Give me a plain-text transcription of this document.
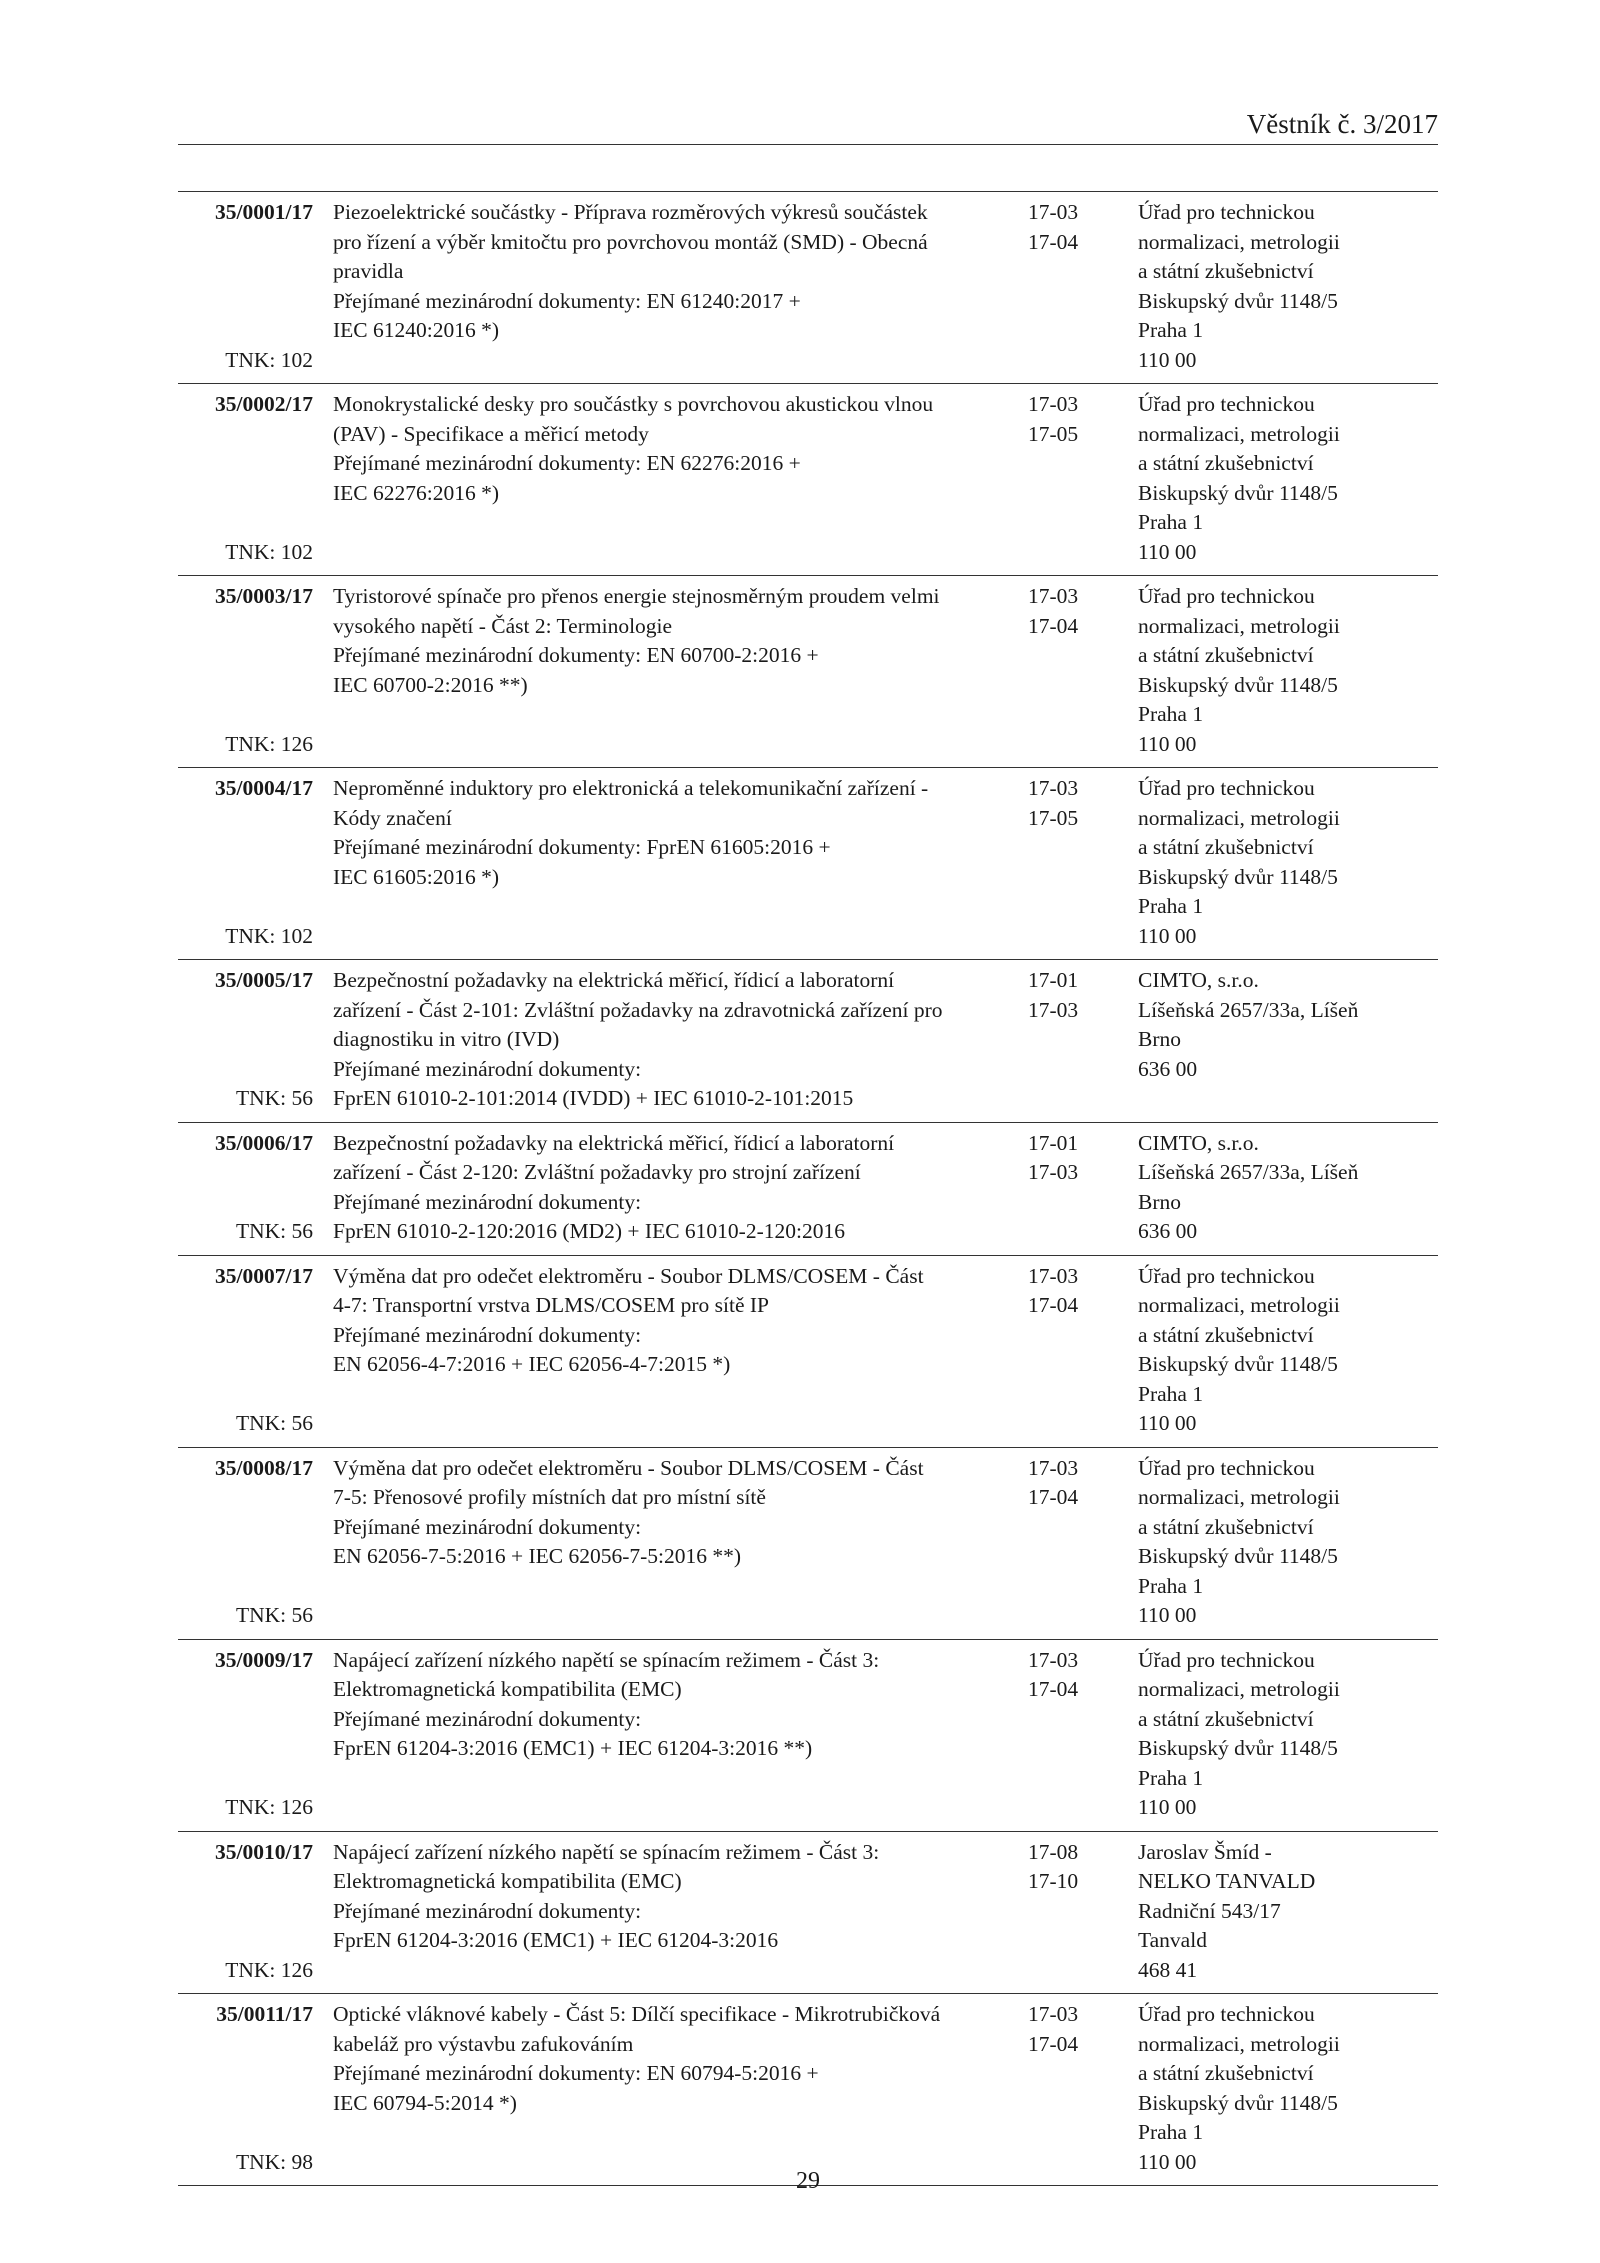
Věstník č. 3/2017
35/0001/17
TNK: 102
Piezoelektrické součástky - Příprava rozměrových výkresů součástek
pro řízení a výběr kmitočtu pro povrchovou montáž (SMD) - Obecná
pravidla
Přejímané mezinárodní dokumenty: EN 61240:2017 +
IEC 61240:2016 *)
17-03
17-04
Úřad pro technickou
normalizaci, metrologii
a státní zkušebnictví
Biskupský dvůr 1148/5
Praha 1
110 00
35/0002/17
TNK: 102
Monokrystalické desky pro součástky s povrchovou akustickou vlnou
(PAV) - Specifikace a měřicí metody
Přejímané mezinárodní dokumenty: EN 62276:2016 +
IEC 62276:2016 *)
17-03
17-05
Úřad pro technickou
normalizaci, metrologii
a státní zkušebnictví
Biskupský dvůr 1148/5
Praha 1
110 00
35/0003/17
TNK: 126
Tyristorové spínače pro přenos energie stejnosměrným proudem velmi
vysokého napětí - Část 2: Terminologie
Přejímané mezinárodní dokumenty: EN 60700-2:2016 +
IEC 60700-2:2016 **)
17-03
17-04
Úřad pro technickou
normalizaci, metrologii
a státní zkušebnictví
Biskupský dvůr 1148/5
Praha 1
110 00
35/0004/17
TNK: 102
Neproměnné induktory pro elektronická a telekomunikační zařízení -
Kódy značení
Přejímané mezinárodní dokumenty: FprEN 61605:2016 +
IEC 61605:2016 *)
17-03
17-05
Úřad pro technickou
normalizaci, metrologii
a státní zkušebnictví
Biskupský dvůr 1148/5
Praha 1
110 00
35/0005/17
TNK: 56
Bezpečnostní požadavky na elektrická měřicí, řídicí a laboratorní
zařízení - Část 2-101: Zvláštní požadavky na zdravotnická zařízení pro
diagnostiku in vitro (IVD)
Přejímané mezinárodní dokumenty:
FprEN 61010-2-101:2014 (IVDD) + IEC 61010-2-101:2015
17-01
17-03
CIMTO, s.r.o.
Líšeňská 2657/33a, Líšeň
Brno
636 00
35/0006/17
TNK: 56
Bezpečnostní požadavky na elektrická měřicí, řídicí a laboratorní
zařízení - Část 2-120: Zvláštní požadavky pro strojní zařízení
Přejímané mezinárodní dokumenty:
FprEN 61010-2-120:2016 (MD2) + IEC 61010-2-120:2016
17-01
17-03
CIMTO, s.r.o.
Líšeňská 2657/33a, Líšeň
Brno
636 00
35/0007/17
TNK: 56
Výměna dat pro odečet elektroměru - Soubor DLMS/COSEM - Část
4-7: Transportní vrstva DLMS/COSEM pro sítě IP
Přejímané mezinárodní dokumenty:
EN 62056-4-7:2016 + IEC 62056-4-7:2015 *)
17-03
17-04
Úřad pro technickou
normalizaci, metrologii
a státní zkušebnictví
Biskupský dvůr 1148/5
Praha 1
110 00
35/0008/17
TNK: 56
Výměna dat pro odečet elektroměru - Soubor DLMS/COSEM - Část
7-5: Přenosové profily místních dat pro místní sítě
Přejímané mezinárodní dokumenty:
EN 62056-7-5:2016 + IEC 62056-7-5:2016 **)
17-03
17-04
Úřad pro technickou
normalizaci, metrologii
a státní zkušebnictví
Biskupský dvůr 1148/5
Praha 1
110 00
35/0009/17
TNK: 126
Napájecí zařízení nízkého napětí se spínacím režimem - Část 3:
Elektromagnetická kompatibilita (EMC)
Přejímané mezinárodní dokumenty:
FprEN 61204-3:2016 (EMC1) + IEC 61204-3:2016 **)
17-03
17-04
Úřad pro technickou
normalizaci, metrologii
a státní zkušebnictví
Biskupský dvůr 1148/5
Praha 1
110 00
35/0010/17
TNK: 126
Napájecí zařízení nízkého napětí se spínacím režimem - Část 3:
Elektromagnetická kompatibilita (EMC)
Přejímané mezinárodní dokumenty:
FprEN 61204-3:2016 (EMC1) + IEC 61204-3:2016
17-08
17-10
Jaroslav Šmíd -
NELKO TANVALD
Radniční 543/17
Tanvald
468 41
35/0011/17
TNK: 98
Optické vláknové kabely - Část 5: Dílčí specifikace - Mikrotrubičková
kabeláž pro výstavbu zafukováním
Přejímané mezinárodní dokumenty: EN 60794-5:2016 +
IEC 60794-5:2014 *)
17-03
17-04
Úřad pro technickou
normalizaci, metrologii
a státní zkušebnictví
Biskupský dvůr 1148/5
Praha 1
110 00
29
